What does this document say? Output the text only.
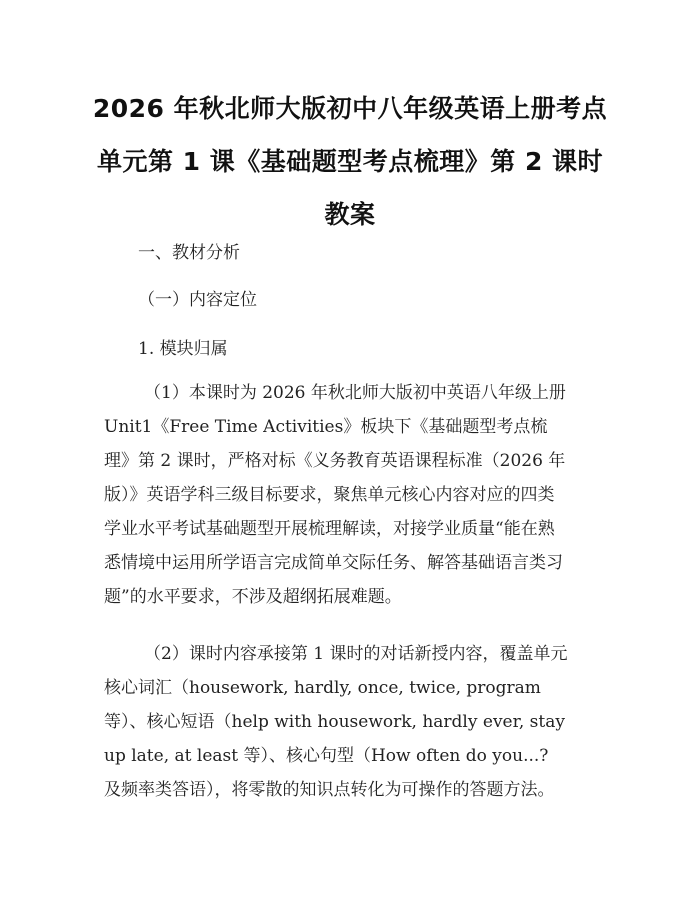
2026 年秋北师大版初中八年级英语上册考点
单元第 1 课《基础题型考点梳理》第 2 课时
教案

一、教材分析

（一）内容定位

1. 模块归属

（1）本课时为 2026 年秋北师大版初中英语八年级上册
Unit1《Free Time Activities》板块下《基础题型考点梳
理》第 2 课时，严格对标《义务教育英语课程标准（2026 年
版）》英语学科三级目标要求，聚焦单元核心内容对应的四类
学业水平考试基础题型开展梳理解读，对接学业质量“能在熟
悉情境中运用所学语言完成简单交际任务、解答基础语言类习
题”的水平要求，不涉及超纲拓展难题。

（2）课时内容承接第 1 课时的对话新授内容，覆盖单元
核心词汇（housework, hardly, once, twice, program
等）、核心短语（help with housework, hardly ever, stay
up late, at least 等）、核心句型（How often do you...?
及频率类答语），将零散的知识点转化为可操作的答题方法。
